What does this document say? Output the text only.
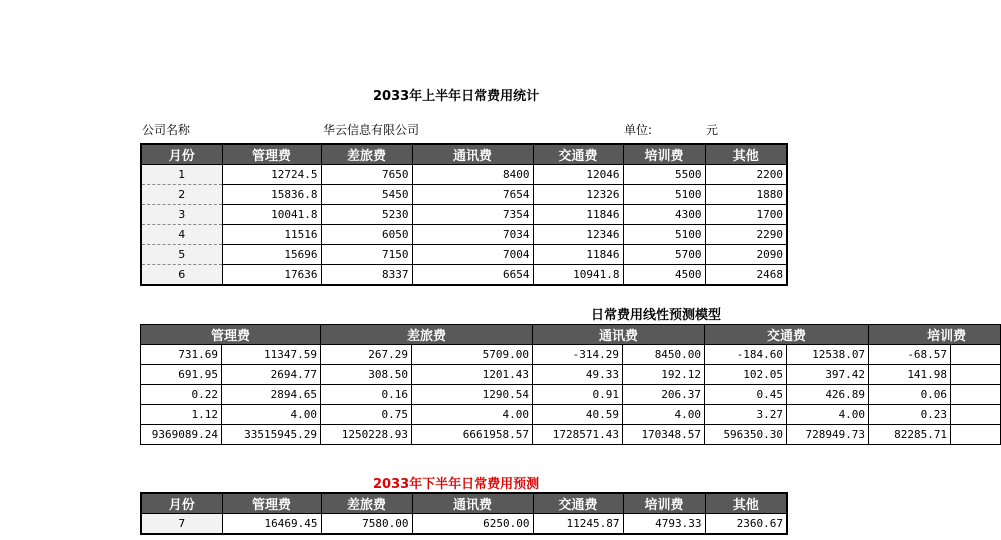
2033年上半年日常费用统计
公司名称	华云信息有限公司	单位:	元
月份	管理费	差旅费	通讯费	交通费	培训费	其他
1	12724.5	7650	8400	12046	5500	2200
2	15836.8	5450	7654	12326	5100	1880
3	10041.8	5230	7354	11846	4300	1700
4	11516	6050	7034	12346	5100	2290
5	15696	7150	7004	11846	5700	2090
6	17636	8337	6654	10941.8	4500	2468
日常费用线性预测模型
管理费		差旅费		通讯费		交通费		培训费	
731.69	11347.59	267.29	5709.00	-314.29	8450.00	-184.60	12538.07	-68.57	
691.95	2694.77	308.50	1201.43	49.33	192.12	102.05	397.42	141.98	
0.22	2894.65	0.16	1290.54	0.91	206.37	0.45	426.89	0.06	
1.12	4.00	0.75	4.00	40.59	4.00	3.27	4.00	0.23	
9369089.24	33515945.29	1250228.93	6661958.57	1728571.43	170348.57	596350.30	728949.73	82285.71	
2033年下半年日常费用预测
月份	管理费	差旅费	通讯费	交通费	培训费	其他
7	16469.45	7580.00	6250.00	11245.87	4793.33	2360.67
